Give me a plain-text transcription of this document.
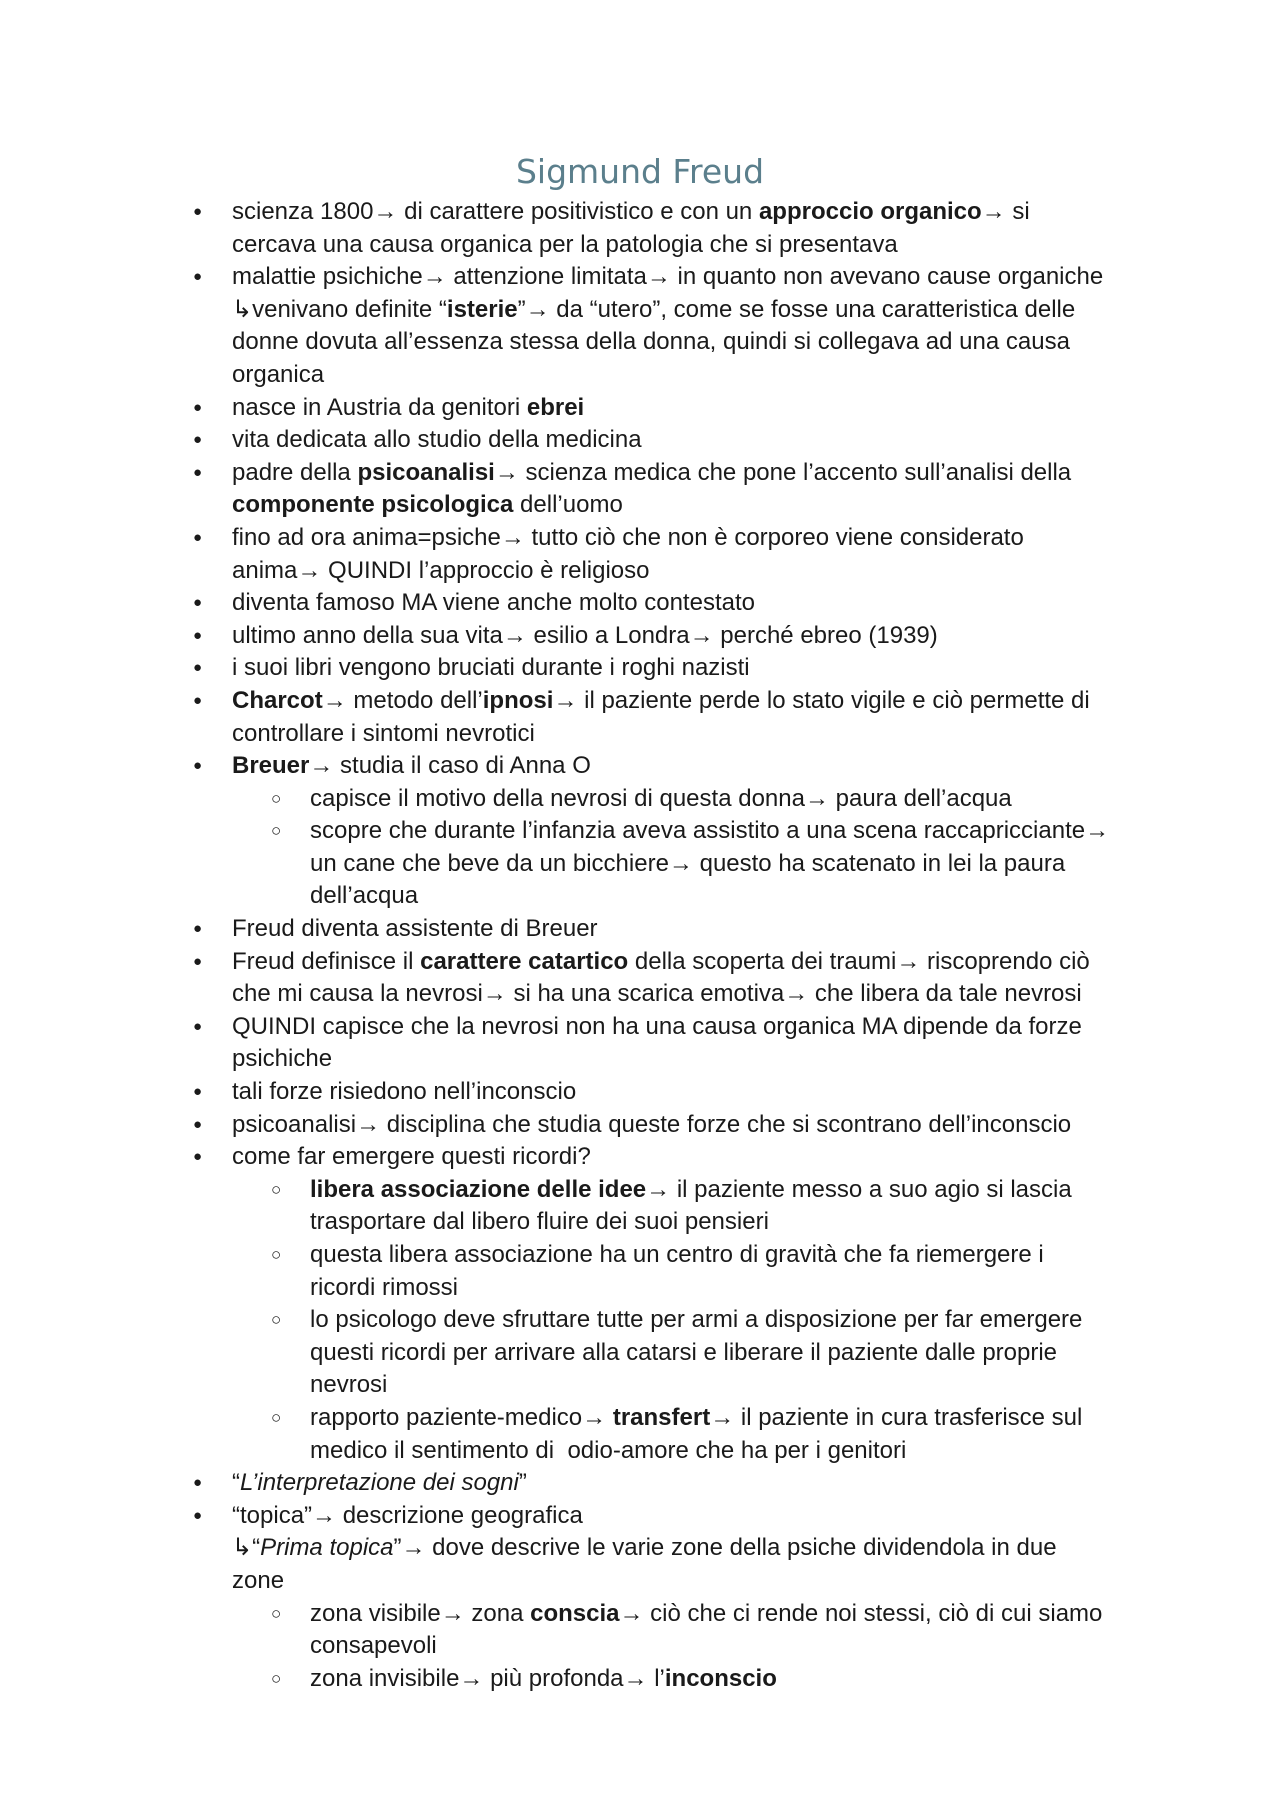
Sigmund Freud
● scienza 1800→ di carattere positivistico e con un approccio organico→ si cercava una causa organica per la patologia che si presentava
● malattie psichiche→ attenzione limitata→ in quanto non avevano cause organiche ↳venivano definite “isterie”→ da “utero”, come se fosse una caratteristica delle donne dovuta all’essenza stessa della donna, quindi si collegava ad una causa organica
● nasce in Austria da genitori ebrei
● vita dedicata allo studio della medicina
● padre della psicoanalisi→ scienza medica che pone l’accento sull’analisi della componente psicologica dell’uomo
● fino ad ora anima=psiche→ tutto ciò che non è corporeo viene considerato anima→ QUINDI l’approccio è religioso
● diventa famoso MA viene anche molto contestato
● ultimo anno della sua vita→ esilio a Londra→ perché ebreo (1939)
● i suoi libri vengono bruciati durante i roghi nazisti
● Charcot→ metodo dell’ipnosi→ il paziente perde lo stato vigile e ciò permette di controllare i sintomi nevrotici
● Breuer→ studia il caso di Anna O
○ capisce il motivo della nevrosi di questa donna→ paura dell’acqua
○ scopre che durante l’infanzia aveva assistito a una scena raccapricciante→ un cane che beve da un bicchiere→ questo ha scatenato in lei la paura dell’acqua
● Freud diventa assistente di Breuer
● Freud definisce il carattere catartico della scoperta dei traumi→ riscoprendo ciò che mi causa la nevrosi→ si ha una scarica emotiva→ che libera da tale nevrosi
● QUINDI capisce che la nevrosi non ha una causa organica MA dipende da forze psichiche
● tali forze risiedono nell’inconscio
● psicoanalisi→ disciplina che studia queste forze che si scontrano dell’inconscio
● come far emergere questi ricordi?
○ libera associazione delle idee→ il paziente messo a suo agio si lascia trasportare dal libero fluire dei suoi pensieri
○ questa libera associazione ha un centro di gravità che fa riemergere i ricordi rimossi
○ lo psicologo deve sfruttare tutte per armi a disposizione per far emergere questi ricordi per arrivare alla catarsi e liberare il paziente dalle proprie nevrosi
○ rapporto paziente-medico→ transfert→ il paziente in cura trasferisce sul medico il sentimento di  odio-amore che ha per i genitori
● “L’interpretazione dei sogni”
● “topica”→ descrizione geografica
↳“Prima topica”→ dove descrive le varie zone della psiche dividendola in due zone
○ zona visibile→ zona conscia→ ciò che ci rende noi stessi, ciò di cui siamo consapevoli
○ zona invisibile→ più profonda→ l’inconscio
